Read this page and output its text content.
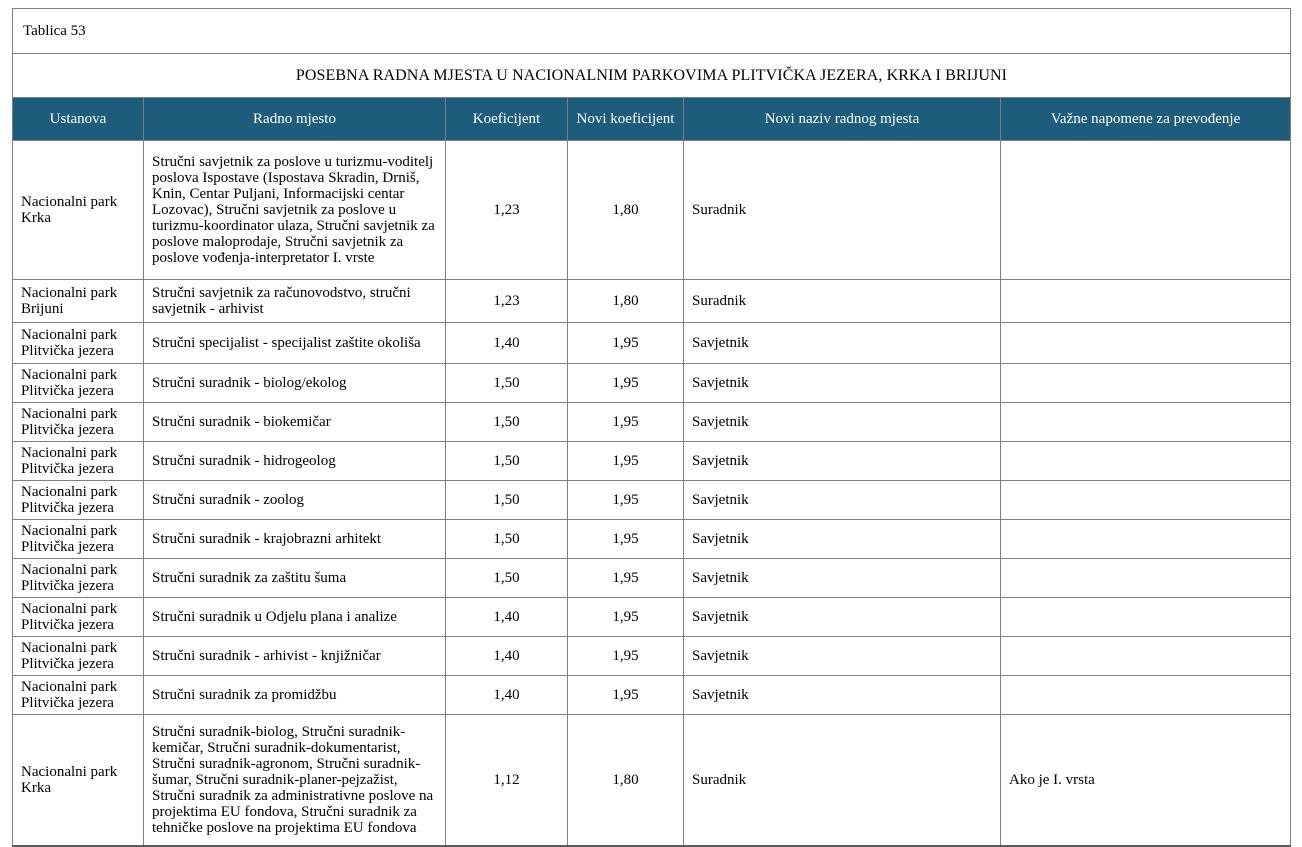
Tablica 53					
POSEBNA RADNA MJESTA U NACIONALNIM PARKOVIMA PLITVIČKA JEZERA, KRKA I BRIJUNI					
Ustanova	Radno mjesto	Koeficijent	Novi koeficijent	Novi naziv radnog mjesta	Važne napomene za prevođenje
Nacionalni park Krka	Stručni savjetnik za poslove u turizmu-voditelj poslova Ispostave (Ispostava Skradin, Drniš, Knin, Centar Puljani, Informacijski centar Lozovac), Stručni savjetnik za poslove u turizmu-koordinator ulaza, Stručni savjetnik za poslove maloprodaje, Stručni savjetnik za poslove vođenja-interpretator I. vrste	1,23	1,80	Suradnik	
Nacionalni park Brijuni	Stručni savjetnik za računovodstvo, stručni savjetnik - arhivist	1,23	1,80	Suradnik	
Nacionalni park Plitvička jezera	Stručni specijalist - specijalist zaštite okoliša	1,40	1,95	Savjetnik	
Nacionalni park Plitvička jezera	Stručni suradnik - biolog/ekolog	1,50	1,95	Savjetnik	
Nacionalni park Plitvička jezera	Stručni suradnik - biokemičar	1,50	1,95	Savjetnik	
Nacionalni park Plitvička jezera	Stručni suradnik - hidrogeolog	1,50	1,95	Savjetnik	
Nacionalni park Plitvička jezera	Stručni suradnik - zoolog	1,50	1,95	Savjetnik	
Nacionalni park Plitvička jezera	Stručni suradnik - krajobrazni arhitekt	1,50	1,95	Savjetnik	
Nacionalni park Plitvička jezera	Stručni suradnik za zaštitu šuma	1,50	1,95	Savjetnik	
Nacionalni park Plitvička jezera	Stručni suradnik u Odjelu plana i analize	1,40	1,95	Savjetnik	
Nacionalni park Plitvička jezera	Stručni suradnik - arhivist - knjižničar	1,40	1,95	Savjetnik	
Nacionalni park Plitvička jezera	Stručni suradnik za promidžbu	1,40	1,95	Savjetnik	
Nacionalni park Krka	Stručni suradnik-biolog, Stručni suradnik-kemičar, Stručni suradnik-dokumentarist, Stručni suradnik-agronom, Stručni suradnik-šumar, Stručni suradnik-planer-pejzažist, Stručni suradnik za administrativne poslove na projektima EU fondova, Stručni suradnik za tehničke poslove na projektima EU fondova	1,12	1,80	Suradnik	Ako je I. vrsta
